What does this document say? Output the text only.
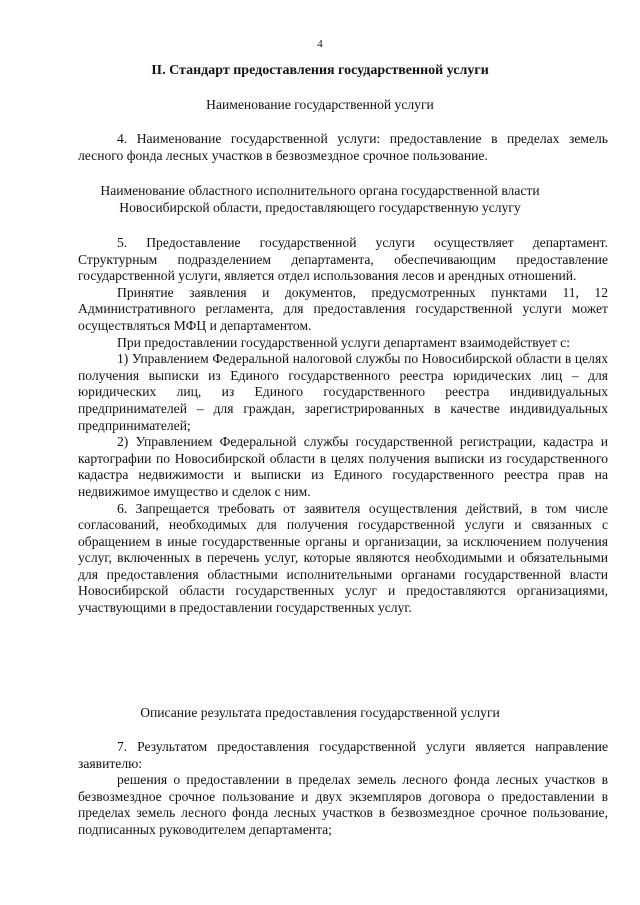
4
II. Стандарт предоставления государственной услуги
Наименование государственной услуги

4. Наименование государственной услуги: предоставление в пределах земель лесного фонда лесных участков в безвозмездное срочное пользование.

Наименование областного исполнительного органа государственной власти
Новосибирской области, предоставляющего государственную услугу

5. Предоставление государственной услуги осуществляет департамент. Структурным подразделением департамента, обеспечивающим предоставление государственной услуги, является отдел использования лесов и арендных отношений.

Принятие заявления и документов, предусмотренных пунктами 11, 12 Административного регламента, для предоставления государственной услуги может осуществляться МФЦ и департаментом.

При предоставлении государственной услуги департамент взаимодействует с:

1) Управлением Федеральной налоговой службы по Новосибирской области в целях получения выписки из Единого государственного реестра юридических лиц – для юридических лиц, из Единого государственного реестра индивидуальных предпринимателей – для граждан, зарегистрированных в качестве индивидуальных предпринимателей;

2) Управлением Федеральной службы государственной регистрации, кадастра и картографии по Новосибирской области в целях получения выписки из государственного кадастра недвижимости и выписки из Единого государственного реестра прав на недвижимое имущество и сделок с ним.

6. Запрещается требовать от заявителя осуществления действий, в том числе согласований, необходимых для получения государственной услуги и связанных с обращением в иные государственные органы и организации, за исключением получения услуг, включенных в перечень услуг, которые являются необходимыми и обязательными для предоставления областными исполнительными органами государственной власти Новосибирской области государственных услуг и предоставляются организациями, участвующими в предоставлении государственных услуг.

Описание результата предоставления государственной услуги

7. Результатом предоставления государственной услуги является направление заявителю:

решения о предоставлении в пределах земель лесного фонда лесных участков в безвозмездное срочное пользование и двух экземпляров договора о предоставлении в пределах земель лесного фонда лесных участков в безвозмездное срочное пользование, подписанных руководителем департамента;
